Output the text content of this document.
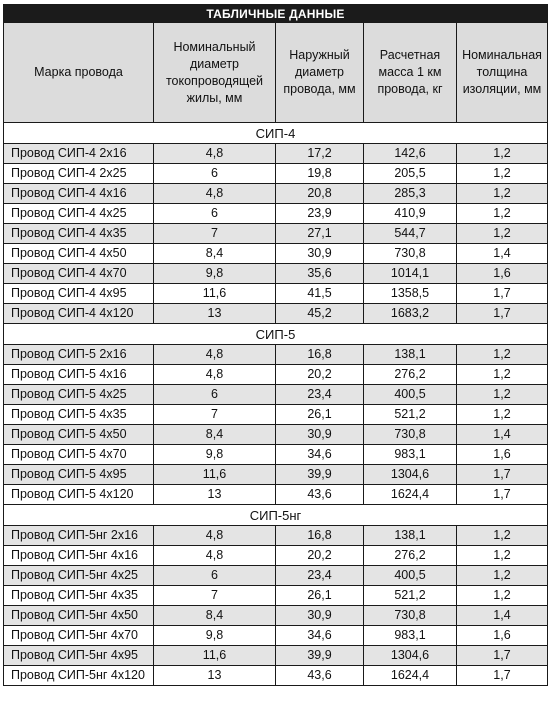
ТАБЛИЧНЫЕ ДАННЫЕ				
Марка провода	Номинальный диаметр токопроводящей жилы, мм	Наружный диаметр провода, мм	Расчетная масса 1 км провода, кг	Номинальная толщина изоляции, мм
СИП-4				
Провод СИП-4 2х16	4,8	17,2	142,6	1,2
Провод СИП-4 2х25	6	19,8	205,5	1,2
Провод СИП-4 4х16	4,8	20,8	285,3	1,2
Провод СИП-4 4х25	6	23,9	410,9	1,2
Провод СИП-4 4х35	7	27,1	544,7	1,2
Провод СИП-4 4х50	8,4	30,9	730,8	1,4
Провод СИП-4 4х70	9,8	35,6	1014,1	1,6
Провод СИП-4 4х95	11,6	41,5	1358,5	1,7
Провод СИП-4 4х120	13	45,2	1683,2	1,7
СИП-5				
Провод СИП-5 2х16	4,8	16,8	138,1	1,2
Провод СИП-5 4х16	4,8	20,2	276,2	1,2
Провод СИП-5 4х25	6	23,4	400,5	1,2
Провод СИП-5 4х35	7	26,1	521,2	1,2
Провод СИП-5 4х50	8,4	30,9	730,8	1,4
Провод СИП-5 4х70	9,8	34,6	983,1	1,6
Провод СИП-5 4х95	11,6	39,9	1304,6	1,7
Провод СИП-5 4х120	13	43,6	1624,4	1,7
СИП-5нг				
Провод СИП-5нг 2х16	4,8	16,8	138,1	1,2
Провод СИП-5нг 4х16	4,8	20,2	276,2	1,2
Провод СИП-5нг 4х25	6	23,4	400,5	1,2
Провод СИП-5нг 4х35	7	26,1	521,2	1,2
Провод СИП-5нг 4х50	8,4	30,9	730,8	1,4
Провод СИП-5нг 4х70	9,8	34,6	983,1	1,6
Провод СИП-5нг 4х95	11,6	39,9	1304,6	1,7
Провод СИП-5нг 4х120	13	43,6	1624,4	1,7
